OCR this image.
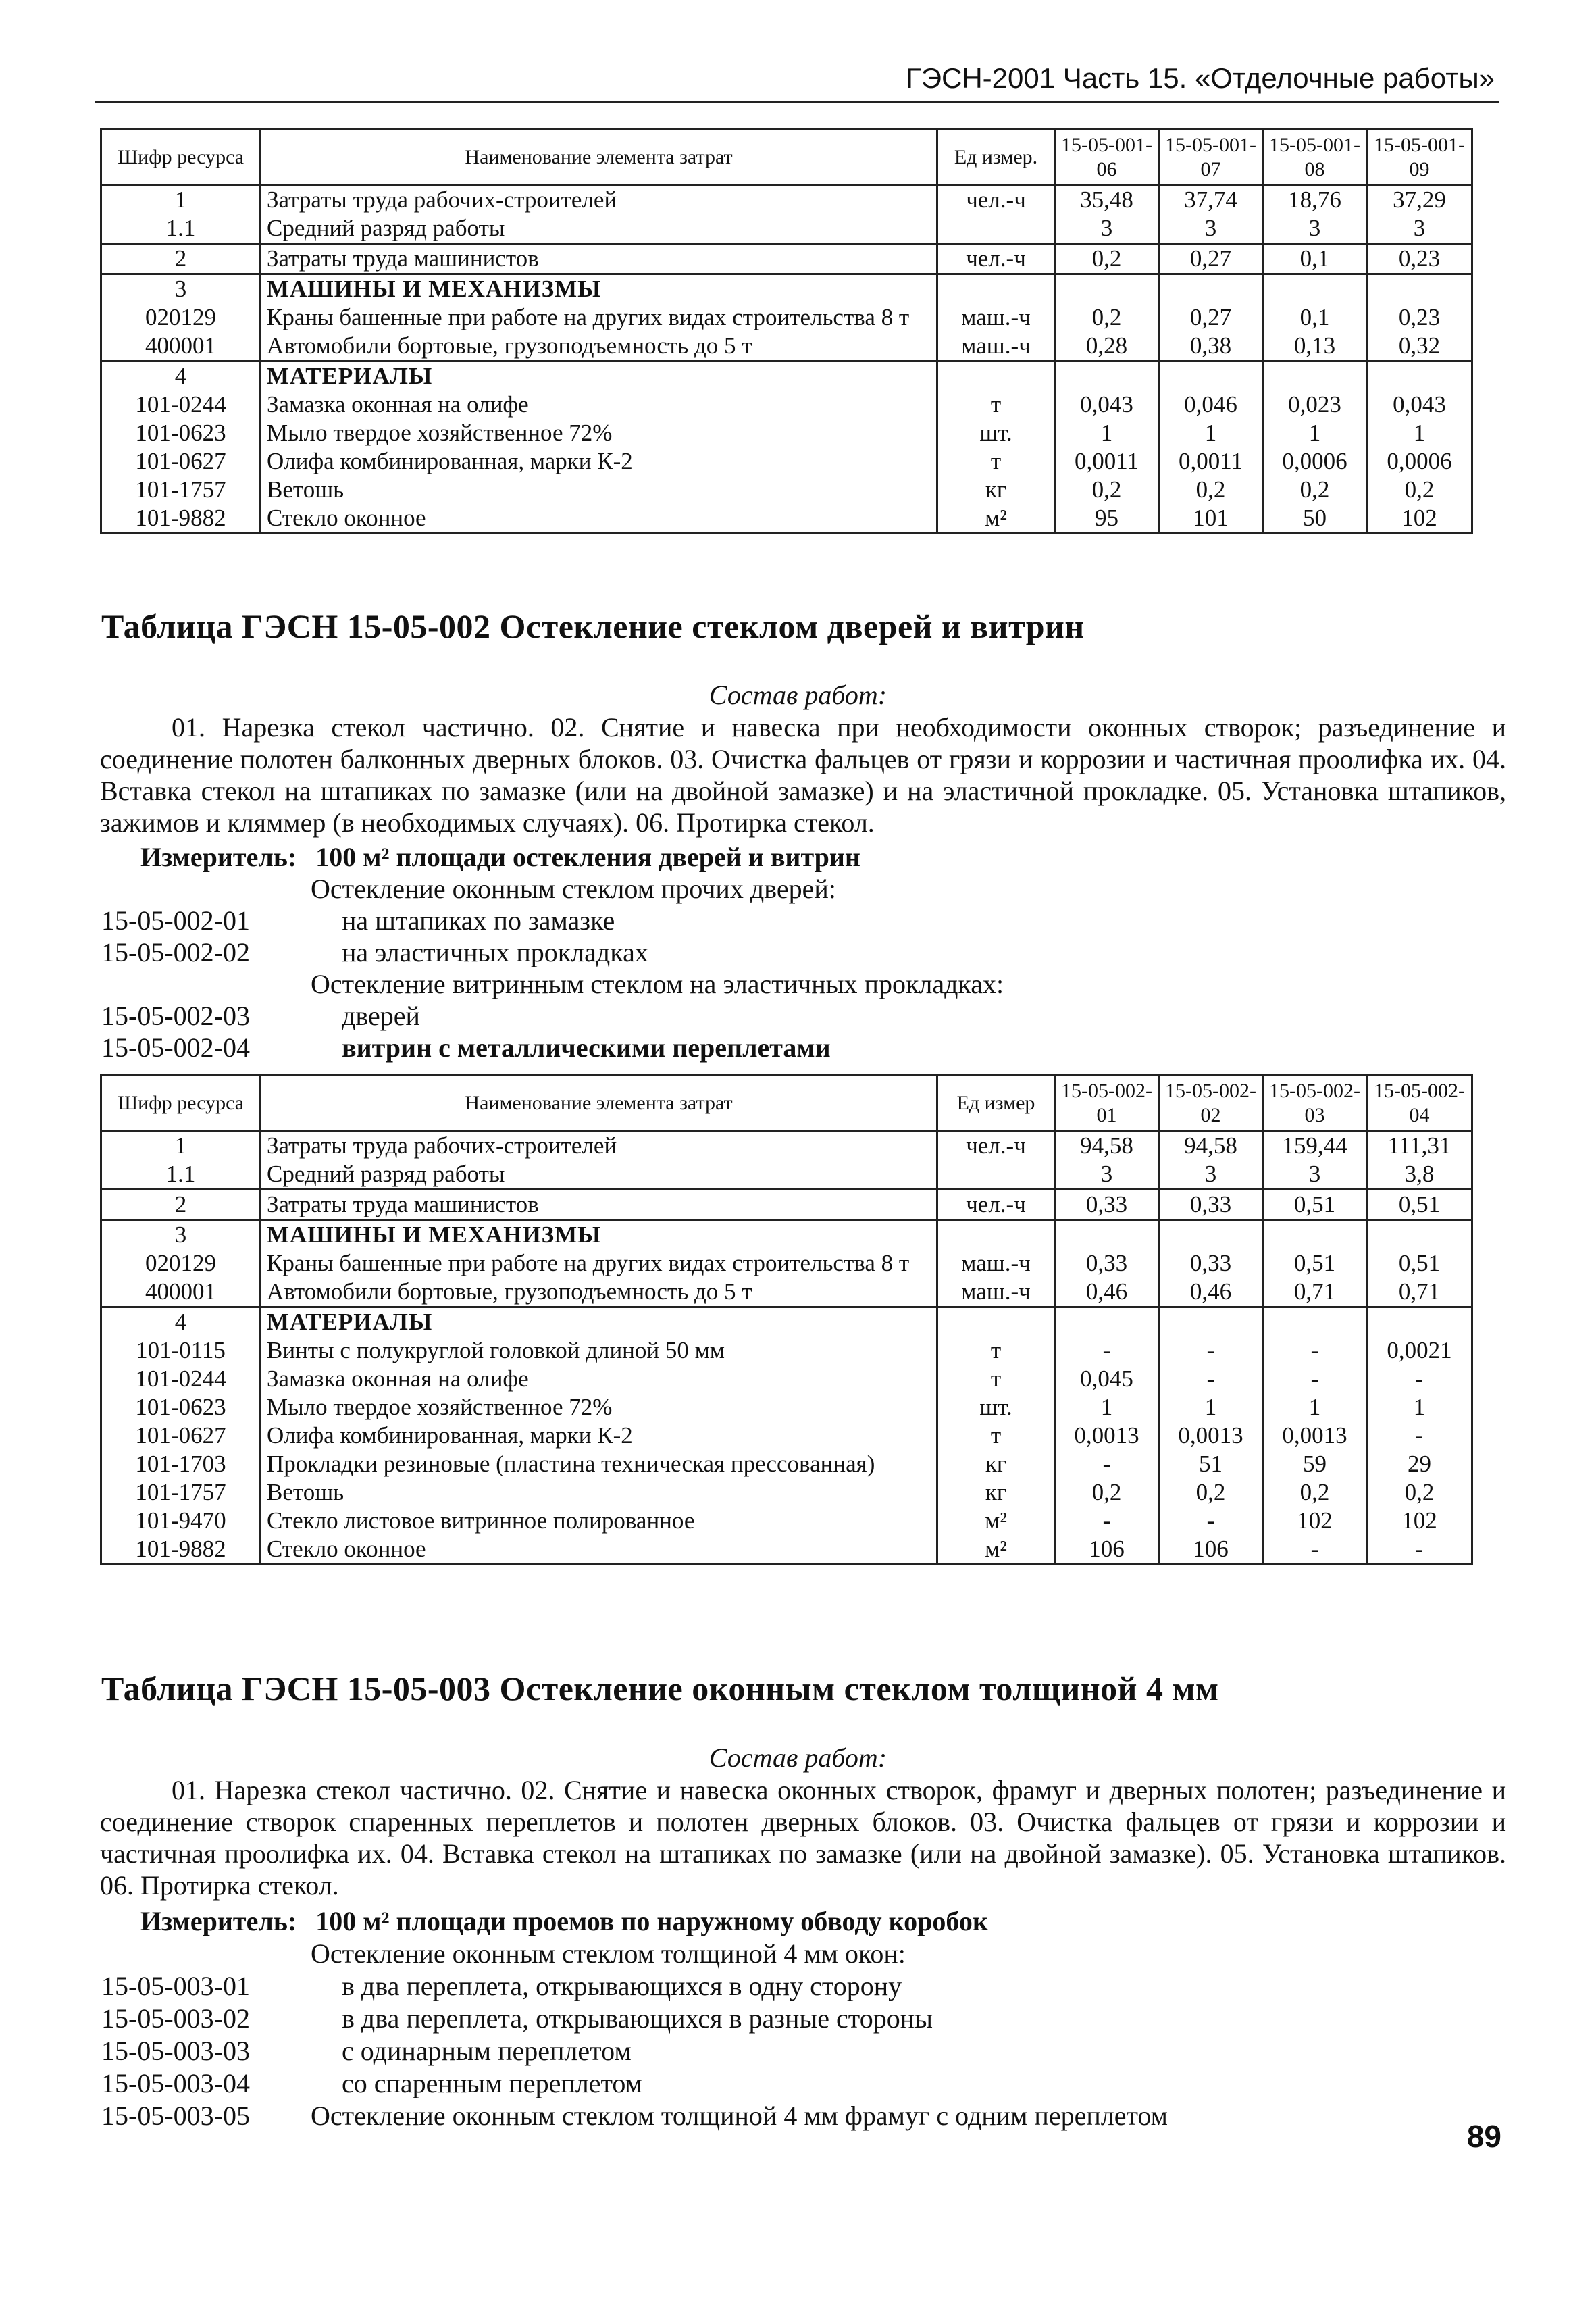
ГЭСН-2001 Часть 15. «Отделочные работы»
Шифр ресурса	Наименование элемента затрат	Ед измер.	15-05-001-06	15-05-001-07	15-05-001-08	15-05-001-09
1	Затраты труда рабочих-строителей	чел.-ч	35,48	37,74	18,76	37,29
1.1	Средний разряд работы		3	3	3	3
2	Затраты труда машинистов	чел.-ч	0,2	0,27	0,1	0,23
3	МАШИНЫ И МЕХАНИЗМЫ					
020129	Краны башенные при работе на других видах строительства 8 т	маш.-ч	0,2	0,27	0,1	0,23
400001	Автомобили бортовые, грузоподъемность до 5 т	маш.-ч	0,28	0,38	0,13	0,32
4	МАТЕРИАЛЫ					
101-0244	Замазка оконная на олифе	т	0,043	0,046	0,023	0,043
101-0623	Мыло твердое хозяйственное 72%	шт.	1	1	1	1
101-0627	Олифа комбинированная, марки К-2	т	0,0011	0,0011	0,0006	0,0006
101-1757	Ветошь	кг	0,2	0,2	0,2	0,2
101-9882	Стекло оконное	м²	95	101	50	102
Таблица ГЭСН 15-05-002 Остекление стеклом дверей и витрин
Состав работ:
01. Нарезка стекол частично. 02. Снятие и навеска при необходимости оконных створок; разъединение и соединение полотен балконных дверных блоков. 03. Очистка фальцев от грязи и коррозии и частичная проолифка их. 04. Вставка стекол на штапиках по замазке (или на двойной замазке) и на эластичной прокладке. 05. Установка штапиков, зажимов и кляммер (в необходимых случаях). 06. Протирка стекол.
Измеритель: 100 м² площади остекления дверей и витрин
Остекление оконным стеклом прочих дверей:
15-05-002-01	на штапиках по замазке
15-05-002-02	на эластичных прокладках
Остекление витринным стеклом на эластичных прокладках:
15-05-002-03	дверей
15-05-002-04	витрин с металлическими переплетами
Шифр ресурса	Наименование элемента затрат	Ед измер	15-05-002-01	15-05-002-02	15-05-002-03	15-05-002-04
1	Затраты труда рабочих-строителей	чел.-ч	94,58	94,58	159,44	111,31
1.1	Средний разряд работы		3	3	3	3,8
2	Затраты труда машинистов	чел.-ч	0,33	0,33	0,51	0,51
3	МАШИНЫ И МЕХАНИЗМЫ					
020129	Краны башенные при работе на других видах строительства 8 т	маш.-ч	0,33	0,33	0,51	0,51
400001	Автомобили бортовые, грузоподъемность до 5 т	маш.-ч	0,46	0,46	0,71	0,71
4	МАТЕРИАЛЫ					
101-0115	Винты с полукруглой головкой длиной 50 мм	т	-	-	-	0,0021
101-0244	Замазка оконная на олифе	т	0,045	-	-	-
101-0623	Мыло твердое хозяйственное 72%	шт.	1	1	1	1
101-0627	Олифа комбинированная, марки К-2	т	0,0013	0,0013	0,0013	-
101-1703	Прокладки резиновые (пластина техническая прессованная)	кг	-	51	59	29
101-1757	Ветошь	кг	0,2	0,2	0,2	0,2
101-9470	Стекло листовое витринное полированное	м²	-	-	102	102
101-9882	Стекло оконное	м²	106	106	-	-
Таблица ГЭСН 15-05-003 Остекление оконным стеклом толщиной 4 мм
Состав работ:
01. Нарезка стекол частично. 02. Снятие и навеска оконных створок, фрамуг и дверных полотен; разъединение и соединение створок спаренных переплетов и полотен дверных блоков. 03. Очистка фальцев от грязи и коррозии и частичная проолифка их. 04. Вставка стекол на штапиках по замазке (или на двойной замазке). 05. Установка штапиков. 06. Протирка стекол.
Измеритель: 100 м² площади проемов по наружному обводу коробок
Остекление оконным стеклом толщиной 4 мм окон:
15-05-003-01	в два переплета, открывающихся в одну сторону
15-05-003-02	в два переплета, открывающихся в разные стороны
15-05-003-03	с одинарным переплетом
15-05-003-04	со спаренным переплетом
15-05-003-05 Остекление оконным стеклом толщиной 4 мм фрамуг с одним переплетом
89
